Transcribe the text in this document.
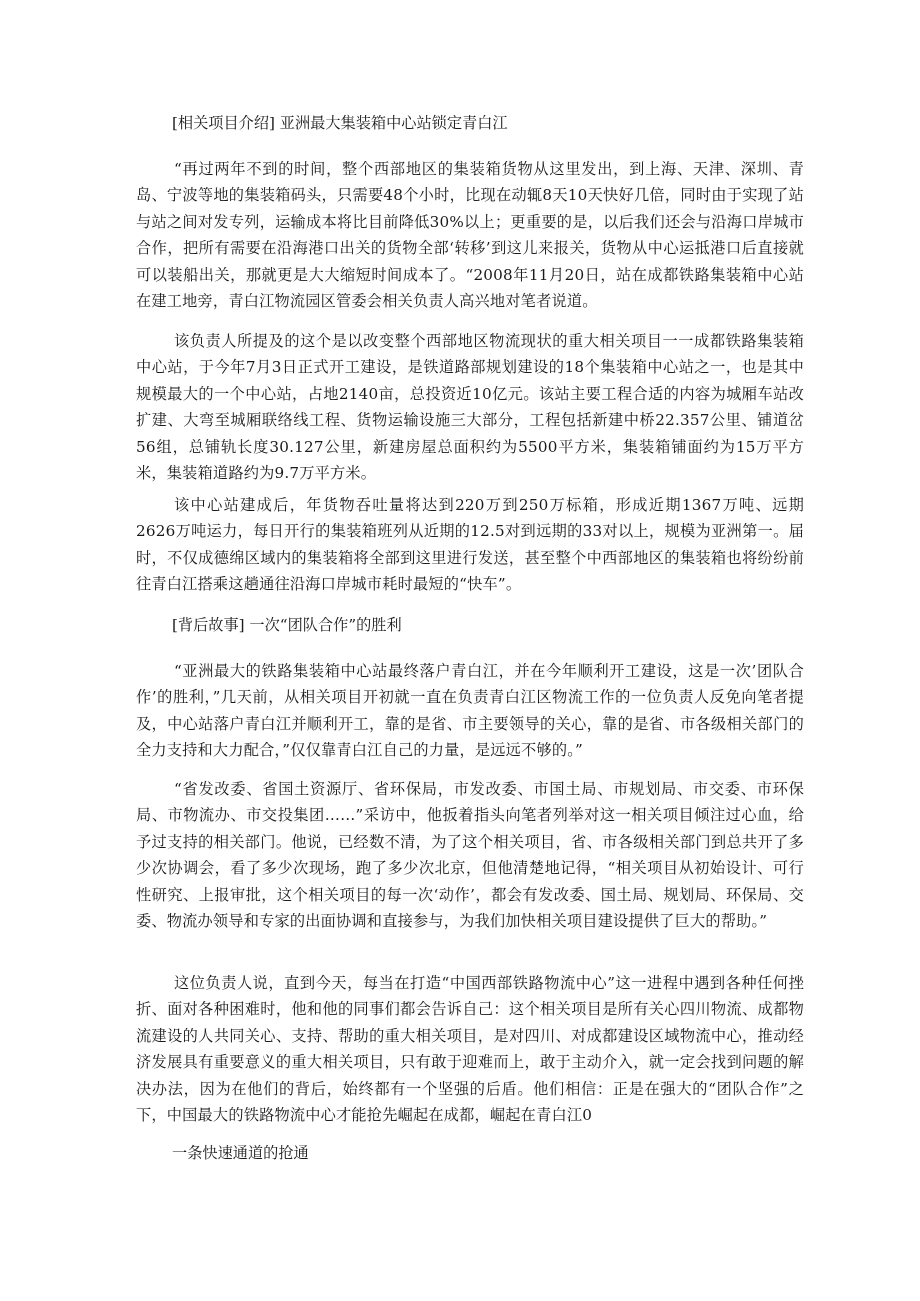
[相关项目介绍] 亚洲最大集装箱中心站锁定青白江

“再过两年不到的时间，整个西部地区的集装箱货物从这里发出，到上海、天津、深圳、青岛、宁波等地的集装箱码头，只需要48个小时，比现在动辄8天10天快好几倍，同时由于实现了站与站之间对发专列，运输成本将比目前降低30%以上；更重要的是，以后我们还会与沿海口岸城市合作，把所有需要在沿海港口出关的货物全部‘转移’到这儿来报关，货物从中心运抵港口后直接就可以装船出关，那就更是大大缩短时间成本了。“2008年11月20日，站在成都铁路集装箱中心站在建工地旁，青白江物流园区管委会相关负责人高兴地对笔者说道。

该负责人所提及的这个是以改变整个西部地区物流现状的重大相关项目一一成都铁路集装箱中心站，于今年7月3日正式开工建设，是铁道路部规划建设的18个集装箱中心站之一，也是其中规模最大的一个中心站，占地2140亩，总投资近10亿元。该站主要工程合适的内容为城厢车站改扩建、大弯至城厢联络线工程、货物运输设施三大部分，工程包括新建中桥22.357公里、铺道岔56组，总铺轨长度30.127公里，新建房屋总面积约为5500平方米，集装箱铺面约为15万平方米，集装箱道路约为9.7万平方米。

该中心站建成后，年货物吞吐量将达到220万到250万标箱，形成近期1367万吨、远期2626万吨运力，每日开行的集装箱班列从近期的12.5对到远期的33对以上，规模为亚洲第一。届时，不仅成德绵区域内的集装箱将全部到这里进行发送，甚至整个中西部地区的集装箱也将纷纷前往青白江搭乘这趟通往沿海口岸城市耗时最短的“快车”。

[背后故事] 一次“团队合作”的胜利

“亚洲最大的铁路集装箱中心站最终落户青白江，并在今年顺利开工建设，这是一次’团队合作’的胜利，”几天前，从相关项目开初就一直在负责青白江区物流工作的一位负责人反免向笔者提及，中心站落户青白江并顺利开工，靠的是省、市主要领导的关心，靠的是省、市各级相关部门的全力支持和大力配合，”仅仅靠青白江自己的力量，是远远不够的。”

“省发改委、省国土资源厅、省环保局，市发改委、市国土局、市规划局、市交委、市环保局、市物流办、市交投集团……”采访中，他扳着指头向笔者列举对这一相关项目倾注过心血，给予过支持的相关部门。他说，已经数不清，为了这个相关项目，省、市各级相关部门到总共开了多少次协调会，看了多少次现场，跑了多少次北京，但他清楚地记得，“相关项目从初始设计、可行性研究、上报审批，这个相关项目的每一次‘动作’，都会有发改委、国土局、规划局、环保局、交委、物流办领导和专家的出面协调和直接参与，为我们加快相关项目建设提供了巨大的帮助。”

这位负责人说，直到今天，每当在打造“中国西部铁路物流中心”这一进程中遇到各种任何挫折、面对各种困难时，他和他的同事们都会告诉自己：这个相关项目是所有关心四川物流、成都物流建设的人共同关心、支持、帮助的重大相关项目，是对四川、对成都建设区域物流中心，推动经济发展具有重要意义的重大相关项目，只有敢于迎难而上，敢于主动介入，就一定会找到问题的解决办法，因为在他们的背后，始终都有一个坚强的后盾。他们相信：正是在强大的“团队合作”之下，中国最大的铁路物流中心才能抢先崛起在成都，崛起在青白江0

一条快速通道的抢通
